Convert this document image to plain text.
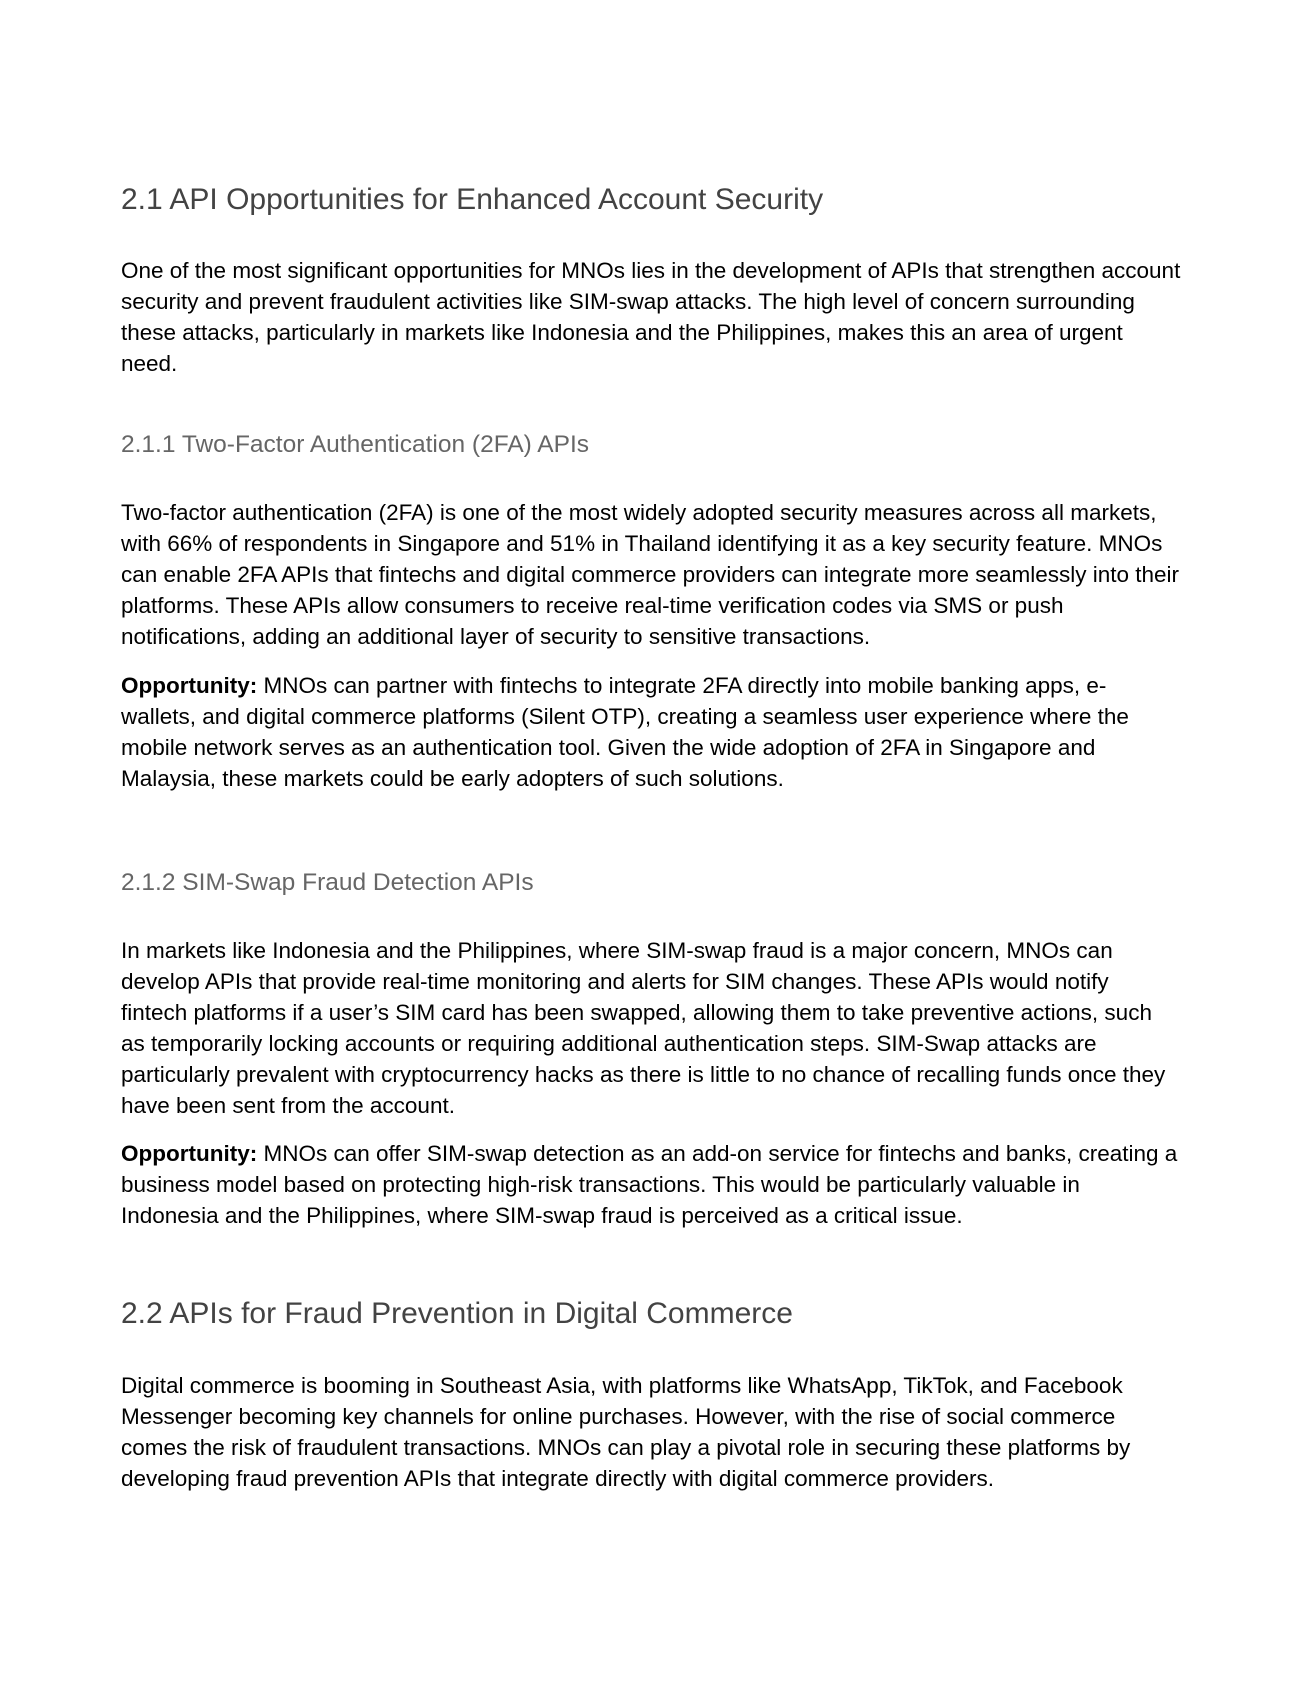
2.1 API Opportunities for Enhanced Account Security

One of the most significant opportunities for MNOs lies in the development of APIs that strengthen account security and prevent fraudulent activities like SIM-swap attacks. The high level of concern surrounding these attacks, particularly in markets like Indonesia and the Philippines, makes this an area of urgent need.

2.1.1 Two-Factor Authentication (2FA) APIs

Two-factor authentication (2FA) is one of the most widely adopted security measures across all markets, with 66% of respondents in Singapore and 51% in Thailand identifying it as a key security feature. MNOs can enable 2FA APIs that fintechs and digital commerce providers can integrate more seamlessly into their platforms. These APIs allow consumers to receive real-time verification codes via SMS or push notifications, adding an additional layer of security to sensitive transactions.

Opportunity: MNOs can partner with fintechs to integrate 2FA directly into mobile banking apps, e-wallets, and digital commerce platforms (Silent OTP), creating a seamless user experience where the mobile network serves as an authentication tool. Given the wide adoption of 2FA in Singapore and Malaysia, these markets could be early adopters of such solutions.

2.1.2 SIM-Swap Fraud Detection APIs

In markets like Indonesia and the Philippines, where SIM-swap fraud is a major concern, MNOs can develop APIs that provide real-time monitoring and alerts for SIM changes. These APIs would notify fintech platforms if a user’s SIM card has been swapped, allowing them to take preventive actions, such as temporarily locking accounts or requiring additional authentication steps. SIM-Swap attacks are particularly prevalent with cryptocurrency hacks as there is little to no chance of recalling funds once they have been sent from the account.

Opportunity: MNOs can offer SIM-swap detection as an add-on service for fintechs and banks, creating a business model based on protecting high-risk transactions. This would be particularly valuable in Indonesia and the Philippines, where SIM-swap fraud is perceived as a critical issue.

2.2 APIs for Fraud Prevention in Digital Commerce

Digital commerce is booming in Southeast Asia, with platforms like WhatsApp, TikTok, and Facebook Messenger becoming key channels for online purchases. However, with the rise of social commerce comes the risk of fraudulent transactions. MNOs can play a pivotal role in securing these platforms by developing fraud prevention APIs that integrate directly with digital commerce providers.
